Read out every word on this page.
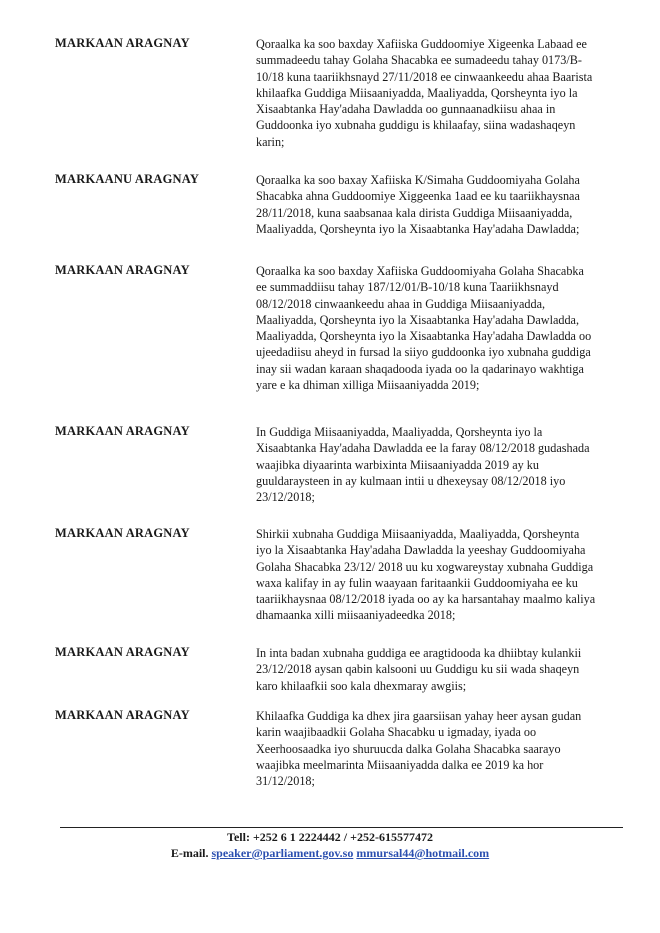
MARKAAN ARAGNAY	Qoraalka ka soo baxday Xafiiska Guddoomiye Xigeenka Labaad ee summadeedu tahay Golaha Shacabka ee sumadeedu tahay 0173/B-10/18 kuna taariikhsnayd 27/11/2018 ee cinwaankeedu ahaa Baarista khilaafka Guddiga Miisaaniyadda, Maaliyadda, Qorsheynta iyo la Xisaabtanka Hay'adaha Dawladda oo gunnaanadkiisu ahaa in Guddoonka iyo xubnaha guddigu is khilaafay, siina wadashaqeyn karin;
MARKAANU ARAGNAY	Qoraalka ka soo baxay Xafiiska K/Simaha Guddoomiyaha Golaha Shacabka ahna Guddoomiye Xiggeenka 1aad ee ku taariikhaysnaa 28/11/2018, kuna saabsanaa kala dirista Guddiga Miisaaniyadda, Maaliyadda, Qorsheynta iyo la Xisaabtanka Hay'adaha Dawladda;
MARKAAN ARAGNAY	Qoraalka ka soo baxday Xafiiska Guddoomiyaha Golaha Shacabka ee summaddiisu tahay 187/12/01/B-10/18 kuna Taariikhsnayd 08/12/2018 cinwaankeedu ahaa in Guddiga Miisaaniyadda, Maaliyadda, Qorsheynta iyo la Xisaabtanka Hay'adaha Dawladda, Maaliyadda, Qorsheynta iyo la Xisaabtanka Hay'adaha Dawladda oo ujeedadiisu aheyd in fursad la siiyo guddoonka iyo xubnaha guddiga inay sii wadan karaan shaqadooda iyada oo la qadarinayo wakhtiga yare e ka dhiman xilliga Miisaaniyadda 2019;
MARKAAN ARAGNAY	In Guddiga Miisaaniyadda, Maaliyadda, Qorsheynta iyo la Xisaabtanka Hay'adaha Dawladda ee la faray 08/12/2018 gudashada waajibka diyaarinta warbixinta Miisaaniyadda 2019 ay ku guuldaraysteen in ay kulmaan intii u dhexeysay 08/12/2018 iyo 23/12/2018;
MARKAAN ARAGNAY	Shirkii xubnaha Guddiga Miisaaniyadda, Maaliyadda, Qorsheynta iyo la Xisaabtanka Hay'adaha Dawladda la yeeshay Guddoomiyaha Golaha Shacabka 23/12/ 2018 uu ku xogwareystay xubnaha Guddiga waxa kalifay in ay fulin waayaan faritaankii Guddoomiyaha ee ku taariikhaysnaa 08/12/2018 iyada oo ay ka harsantahay maalmo kaliya dhamaanka xilli miisaaniyadeedka 2018;
MARKAAN ARAGNAY	In inta badan xubnaha guddiga ee aragtidooda ka dhiibtay kulankii 23/12/2018 aysan qabin kalsooni uu Guddigu ku sii wada shaqeyn karo khilaafkii soo kala dhexmaray awgiis;
MARKAAN ARAGNAY	Khilaafka Guddiga ka dhex jira gaarsiisan yahay heer aysan gudan karin waajibaadkii Golaha Shacabku u igmaday, iyada oo Xeerhoosaadka iyo shuruucda dalka Golaha Shacabka saarayo waajibka meelmarinta Miisaaniyadda dalka ee 2019 ka hor 31/12/2018;
Tell: +252 6 1 2224442 / +252-615577472
E-mail. speaker@parliament.gov.so mmursal44@hotmail.com
